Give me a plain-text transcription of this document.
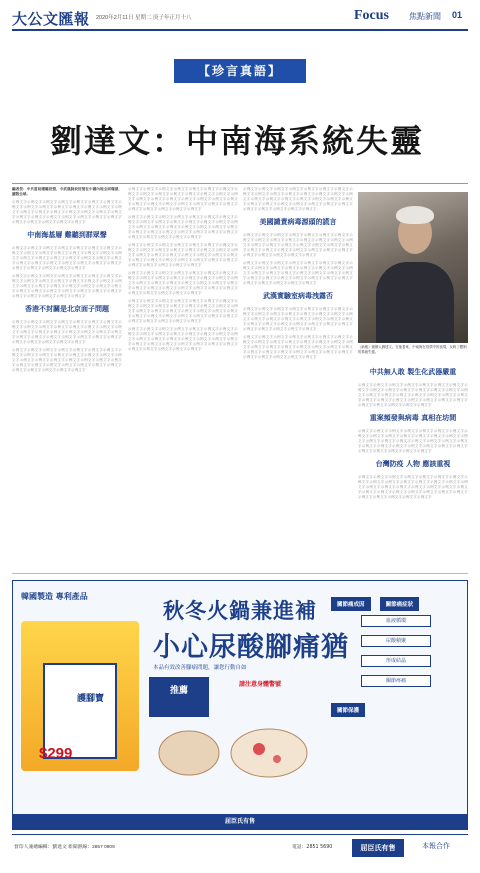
大公文匯報 2020年2月11日 星期二 庚子年正月十八	Focus	焦點新聞 01
【珍言真語】
劉達文：中南海系統失靈

編者按：中共當局隱瞞疫情，令武漢肺炎疫情在中國內地全面爆發，擴散全球。

示例文字示例文字示例文字示例文字示例文字示例文字示例文字示例文字示例文字示例文字示例文字示例文字示例文字示例文字示例文字示例文字示例文字示例文字示例文字示例文字示例文字示例文字示例文字示例文字示例文字示例文字示例文字示例文字示例文字示例文字示例文字示例文字示例文字示例文字

中南海基層 難聽到群眾聲

示例文字示例文字示例文字示例文字示例文字示例文字示例文字示例文字示例文字示例文字示例文字示例文字示例文字示例文字示例文字示例文字示例文字示例文字示例文字示例文字示例文字示例文字示例文字示例文字示例文字示例文字示例文字示例文字示例文字示例文字示例文字示例文字示例文字示例文字

示例文字示例文字示例文字示例文字示例文字示例文字示例文字示例文字示例文字示例文字示例文字示例文字示例文字示例文字示例文字示例文字示例文字示例文字示例文字示例文字示例文字示例文字示例文字示例文字示例文字示例文字示例文字示例文字示例文字示例文字示例文字示例文字示例文字示例文字

香港不封關是北京面子問題

示例文字示例文字示例文字示例文字示例文字示例文字示例文字示例文字示例文字示例文字示例文字示例文字示例文字示例文字示例文字示例文字示例文字示例文字示例文字示例文字示例文字示例文字示例文字示例文字示例文字示例文字示例文字示例文字示例文字示例文字示例文字示例文字示例文字示例文字

示例文字示例文字示例文字示例文字示例文字示例文字示例文字示例文字示例文字示例文字示例文字示例文字示例文字示例文字示例文字示例文字示例文字示例文字示例文字示例文字示例文字示例文字示例文字示例文字示例文字示例文字示例文字示例文字示例文字示例文字示例文字示例文字示例文字示例文字

示例文字示例文字示例文字示例文字示例文字示例文字示例文字示例文字示例文字示例文字示例文字示例文字示例文字示例文字示例文字示例文字示例文字示例文字示例文字示例文字示例文字示例文字示例文字示例文字示例文字示例文字示例文字示例文字示例文字示例文字示例文字示例文字示例文字示例文字

示例文字示例文字示例文字示例文字示例文字示例文字示例文字示例文字示例文字示例文字示例文字示例文字示例文字示例文字示例文字示例文字示例文字示例文字示例文字示例文字示例文字示例文字示例文字示例文字示例文字示例文字示例文字示例文字示例文字示例文字示例文字示例文字示例文字示例文字

示例文字示例文字示例文字示例文字示例文字示例文字示例文字示例文字示例文字示例文字示例文字示例文字示例文字示例文字示例文字示例文字示例文字示例文字示例文字示例文字示例文字示例文字示例文字示例文字示例文字示例文字示例文字示例文字示例文字示例文字示例文字示例文字示例文字示例文字

示例文字示例文字示例文字示例文字示例文字示例文字示例文字示例文字示例文字示例文字示例文字示例文字示例文字示例文字示例文字示例文字示例文字示例文字示例文字示例文字示例文字示例文字示例文字示例文字示例文字示例文字示例文字示例文字示例文字示例文字示例文字示例文字示例文字示例文字

示例文字示例文字示例文字示例文字示例文字示例文字示例文字示例文字示例文字示例文字示例文字示例文字示例文字示例文字示例文字示例文字示例文字示例文字示例文字示例文字示例文字示例文字示例文字示例文字示例文字示例文字示例文字示例文字示例文字示例文字示例文字示例文字示例文字示例文字

示例文字示例文字示例文字示例文字示例文字示例文字示例文字示例文字示例文字示例文字示例文字示例文字示例文字示例文字示例文字示例文字示例文字示例文字示例文字示例文字示例文字示例文字示例文字示例文字示例文字示例文字示例文字示例文字示例文字示例文字示例文字示例文字示例文字示例文字

示例文字示例文字示例文字示例文字示例文字示例文字示例文字示例文字示例文字示例文字示例文字示例文字示例文字示例文字示例文字示例文字示例文字示例文字示例文字示例文字示例文字示例文字示例文字示例文字示例文字示例文字示例文字示例文字示例文字示例文字示例文字示例文字示例文字示例文字

美國譴責病毒源頭的謊言

示例文字示例文字示例文字示例文字示例文字示例文字示例文字示例文字示例文字示例文字示例文字示例文字示例文字示例文字示例文字示例文字示例文字示例文字示例文字示例文字示例文字示例文字示例文字示例文字示例文字示例文字示例文字示例文字示例文字示例文字示例文字示例文字示例文字示例文字

示例文字示例文字示例文字示例文字示例文字示例文字示例文字示例文字示例文字示例文字示例文字示例文字示例文字示例文字示例文字示例文字示例文字示例文字示例文字示例文字示例文字示例文字示例文字示例文字示例文字示例文字示例文字示例文字示例文字示例文字示例文字示例文字示例文字示例文字

武漢實驗室病毒洩露否

示例文字示例文字示例文字示例文字示例文字示例文字示例文字示例文字示例文字示例文字示例文字示例文字示例文字示例文字示例文字示例文字示例文字示例文字示例文字示例文字示例文字示例文字示例文字示例文字示例文字示例文字示例文字示例文字示例文字示例文字示例文字示例文字示例文字示例文字

示例文字示例文字示例文字示例文字示例文字示例文字示例文字示例文字示例文字示例文字示例文字示例文字示例文字示例文字示例文字示例文字示例文字示例文字示例文字示例文字示例文字示例文字示例文字示例文字示例文字示例文字示例文字示例文字示例文字示例文字示例文字示例文字示例文字示例文字

《新報》創辦人劉達文。在他看來，中南海在疫情中的表現，反映了體制的系統失靈。
中共無人敢 製生化武器嚴重

示例文字示例文字示例文字示例文字示例文字示例文字示例文字示例文字示例文字示例文字示例文字示例文字示例文字示例文字示例文字示例文字示例文字示例文字示例文字示例文字示例文字示例文字示例文字示例文字示例文字示例文字示例文字示例文字示例文字示例文字示例文字示例文字示例文字示例文字

重案頻發與病毒 真相在坊間

示例文字示例文字示例文字示例文字示例文字示例文字示例文字示例文字示例文字示例文字示例文字示例文字示例文字示例文字示例文字示例文字示例文字示例文字示例文字示例文字示例文字示例文字示例文字示例文字示例文字示例文字示例文字示例文字示例文字示例文字示例文字示例文字示例文字示例文字

台灣防疫 人物 應該重視

示例文字示例文字示例文字示例文字示例文字示例文字示例文字示例文字示例文字示例文字示例文字示例文字示例文字示例文字示例文字示例文字示例文字示例文字示例文字示例文字示例文字示例文字示例文字示例文字示例文字示例文字示例文字示例文字示例文字示例文字示例文字示例文字示例文字示例文字

韓國製造 專利產品
秋冬火鍋兼進補
小心尿酸腳痛猶
本品有效改善腳痛問題，讓您行動自如
護腳寶
$299
推薦
請注意身體警號
關節痛成因	關節痛症狀
血液循環
尿酸積聚
形成結晶
關節疼痛
關節保護
屈臣氏有售
督印人兼總編輯：劉達文 新聞熱線：2857 0909	電話：2851 5690	屈臣氏有售	本報合作
